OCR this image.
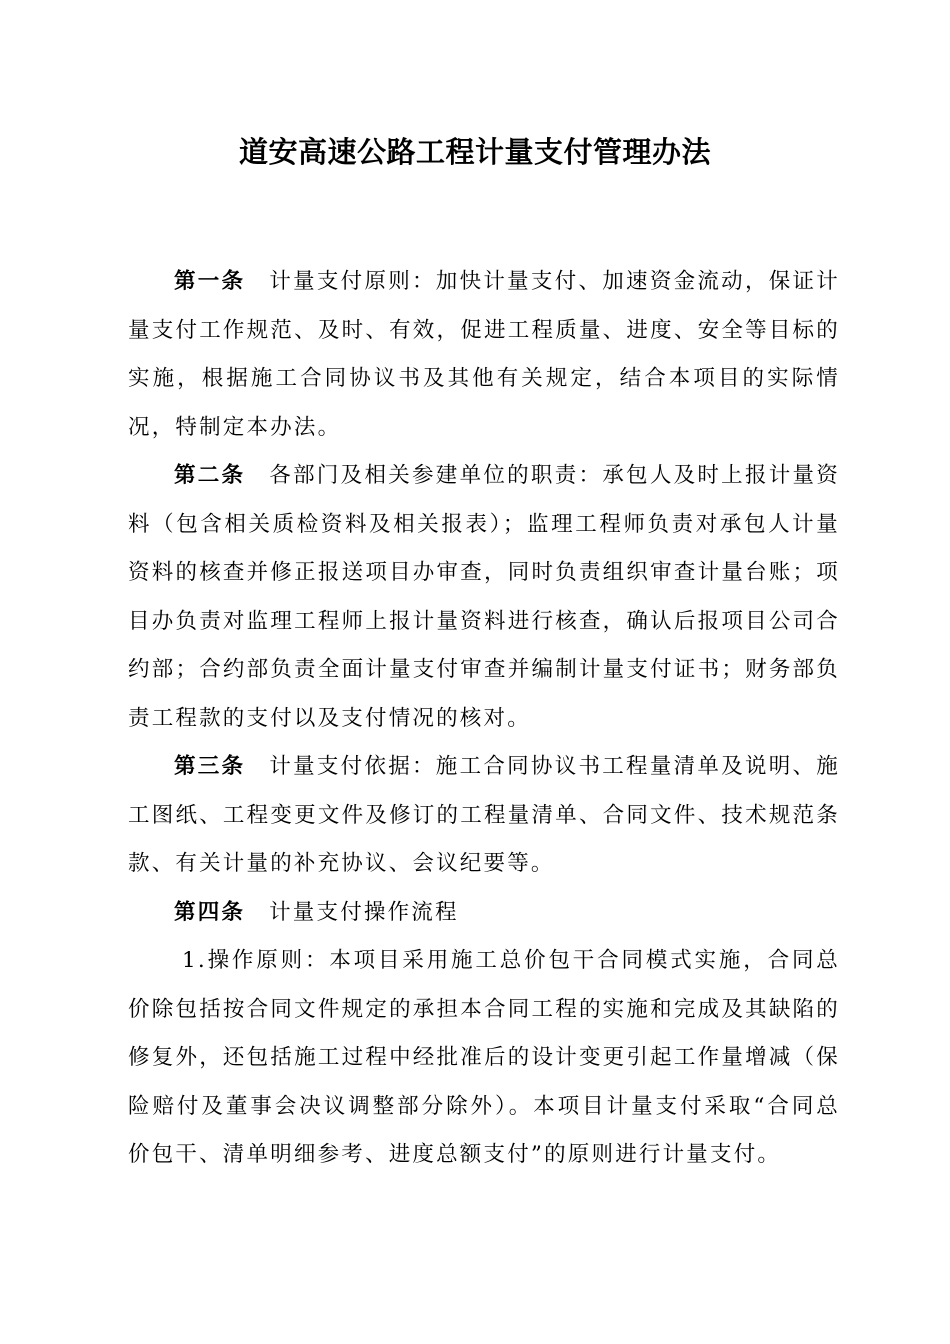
道安高速公路工程计量支付管理办法

第一条 计量支付原则：加快计量支付、加速资金流动，保证计量支付工作规范、及时、有效，促进工程质量、进度、安全等目标的实施，根据施工合同协议书及其他有关规定，结合本项目的实际情况，特制定本办法。

第二条 各部门及相关参建单位的职责：承包人及时上报计量资料（包含相关质检资料及相关报表）；监理工程师负责对承包人计量资料的核查并修正报送项目办审查，同时负责组织审查计量台账；项目办负责对监理工程师上报计量资料进行核查，确认后报项目公司合约部；合约部负责全面计量支付审查并编制计量支付证书；财务部负责工程款的支付以及支付情况的核对。

第三条 计量支付依据：施工合同协议书工程量清单及说明、施工图纸、工程变更文件及修订的工程量清单、合同文件、技术规范条款、有关计量的补充协议、会议纪要等。

第四条 计量支付操作流程

1.操作原则：本项目采用施工总价包干合同模式实施，合同总价除包括按合同文件规定的承担本合同工程的实施和完成及其缺陷的修复外，还包括施工过程中经批准后的设计变更引起工作量增减（保险赔付及董事会决议调整部分除外）。本项目计量支付采取“合同总价包干、清单明细参考、进度总额支付”的原则进行计量支付。
